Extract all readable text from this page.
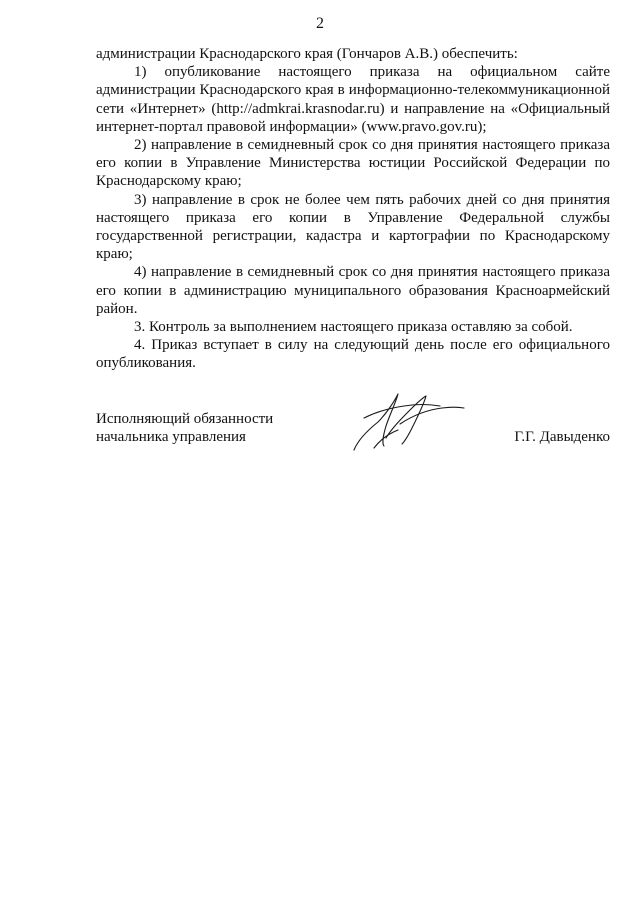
2

администрации Краснодарского края (Гончаров А.В.) обеспечить:

1) опубликование настоящего приказа на официальном сайте администрации Краснодарского края в информационно-телекоммуникационной сети «Интернет» (http://admkrai.krasnodar.ru) и направление на «Официальный интернет-портал правовой информации» (www.pravo.gov.ru);

2) направление в семидневный срок со дня принятия настоящего приказа его копии в Управление Министерства юстиции Российской Федерации по Краснодарскому краю;

3) направление в срок не более чем пять рабочих дней со дня принятия настоящего приказа его копии в Управление Федеральной службы государственной регистрации, кадастра и картографии по Краснодарскому краю;

4) направление в семидневный срок со дня принятия настоящего приказа его копии в администрацию муниципального образования Красноармейский район.

3. Контроль за выполнением настоящего приказа оставляю за собой.

4. Приказ вступает в силу на следующий день после его официального опубликования.

Исполняющий обязанности
начальника управления	Г.Г. Давыденко
